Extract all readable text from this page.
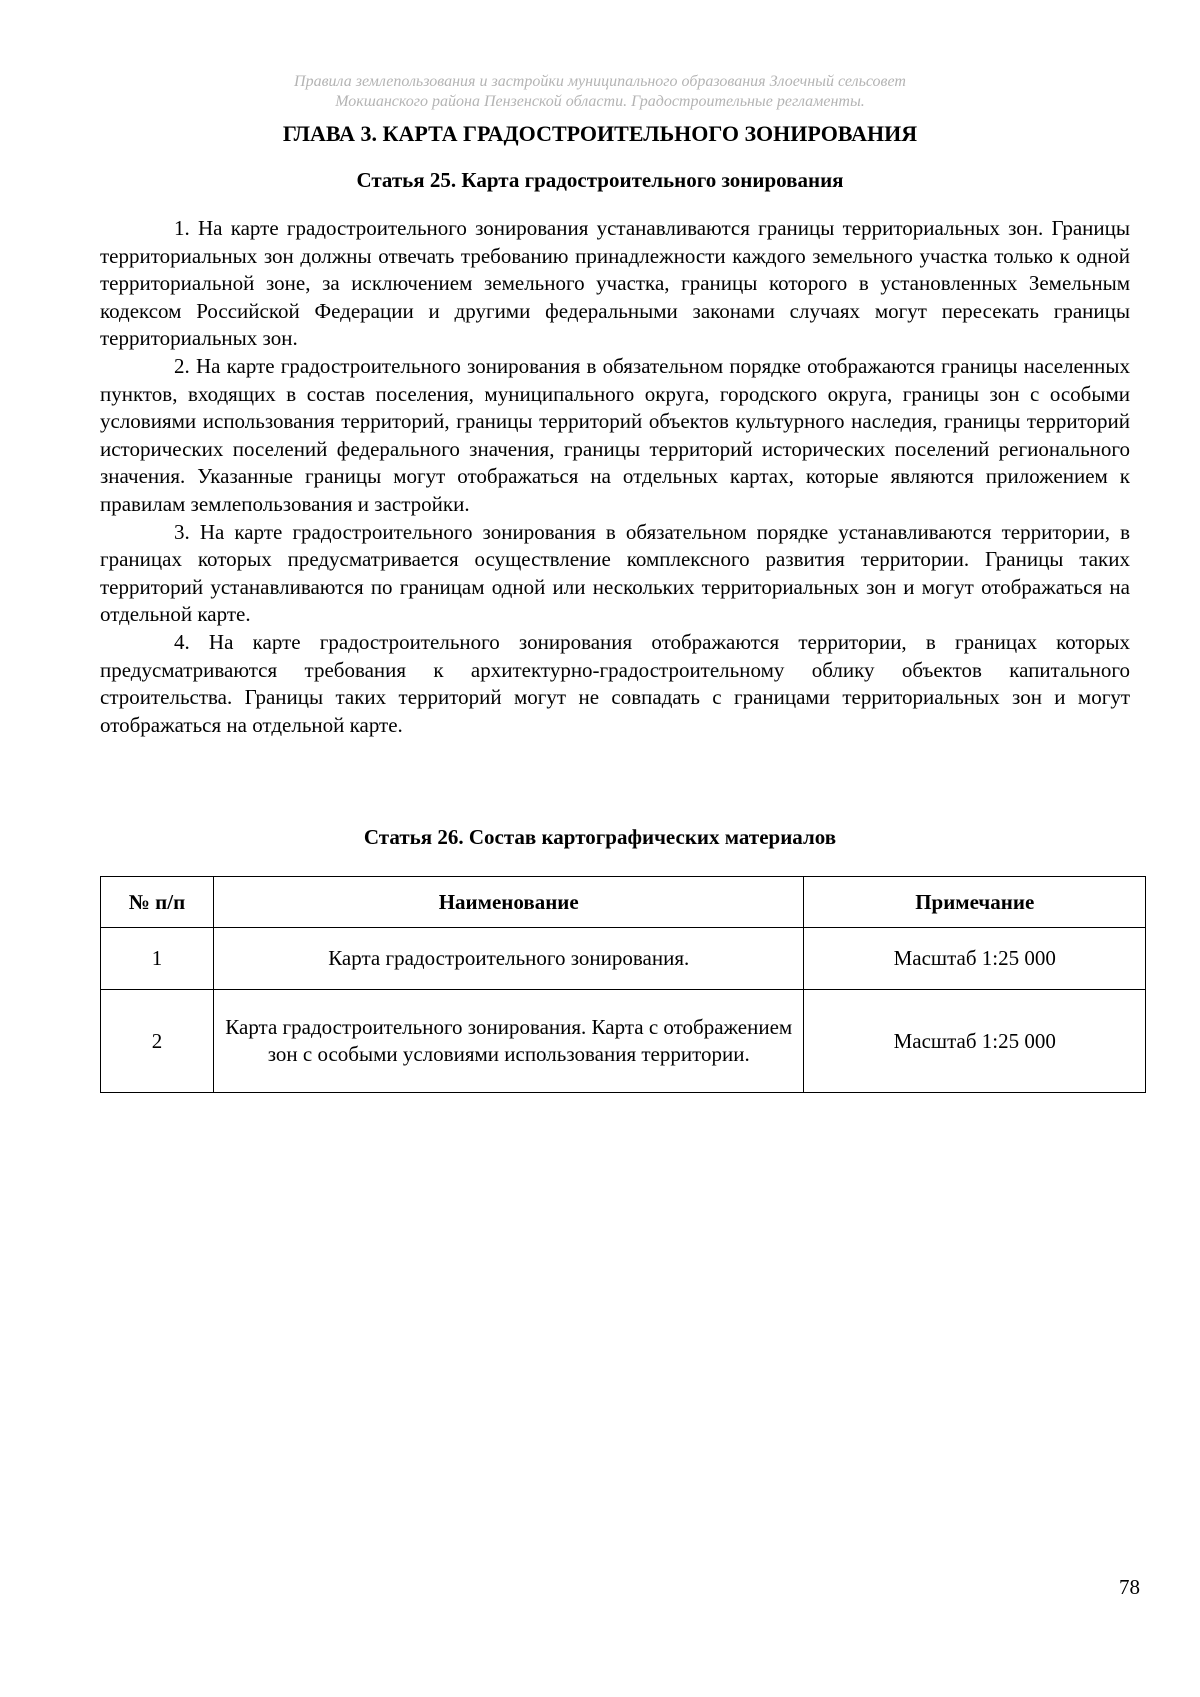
Правила землепользования и застройки муниципального образования Злоечный сельсовет
Мокшанского района Пензенской области. Градостроительные регламенты.
ГЛАВА 3. КАРТА ГРАДОСТРОИТЕЛЬНОГО ЗОНИРОВАНИЯ
Статья 25. Карта градостроительного зонирования

1. На карте градостроительного зонирования устанавливаются границы территориальных зон. Границы территориальных зон должны отвечать требованию принадлежности каждого земельного участка только к одной территориальной зоне, за исключением земельного участка, границы которого в установленных Земельным кодексом Российской Федерации и другими федеральными законами случаях могут пересекать границы территориальных зон.

2. На карте градостроительного зонирования в обязательном порядке отображаются границы населенных пунктов, входящих в состав поселения, муниципального округа, городского округа, границы зон с особыми условиями использования территорий, границы территорий объектов культурного наследия, границы территорий исторических поселений федерального значения, границы территорий исторических поселений регионального значения. Указанные границы могут отображаться на отдельных картах, которые являются приложением к правилам землепользования и застройки.

3. На карте градостроительного зонирования в обязательном порядке устанавливаются территории, в границах которых предусматривается осуществление комплексного развития территории. Границы таких территорий устанавливаются по границам одной или нескольких территориальных зон и могут отображаться на отдельной карте.

4. На карте градостроительного зонирования отображаются территории, в границах которых предусматриваются требования к архитектурно-градостроительному облику объектов капитального строительства. Границы таких территорий могут не совпадать с границами территориальных зон и могут отображаться на отдельной карте.

Статья 26. Состав картографических материалов
№ п/п	Наименование	Примечание
1	Карта градостроительного зонирования.	Масштаб 1:25 000
2	Карта градостроительного зонирования. Карта с отображением зон с особыми условиями использования территории.	Масштаб 1:25 000
78
